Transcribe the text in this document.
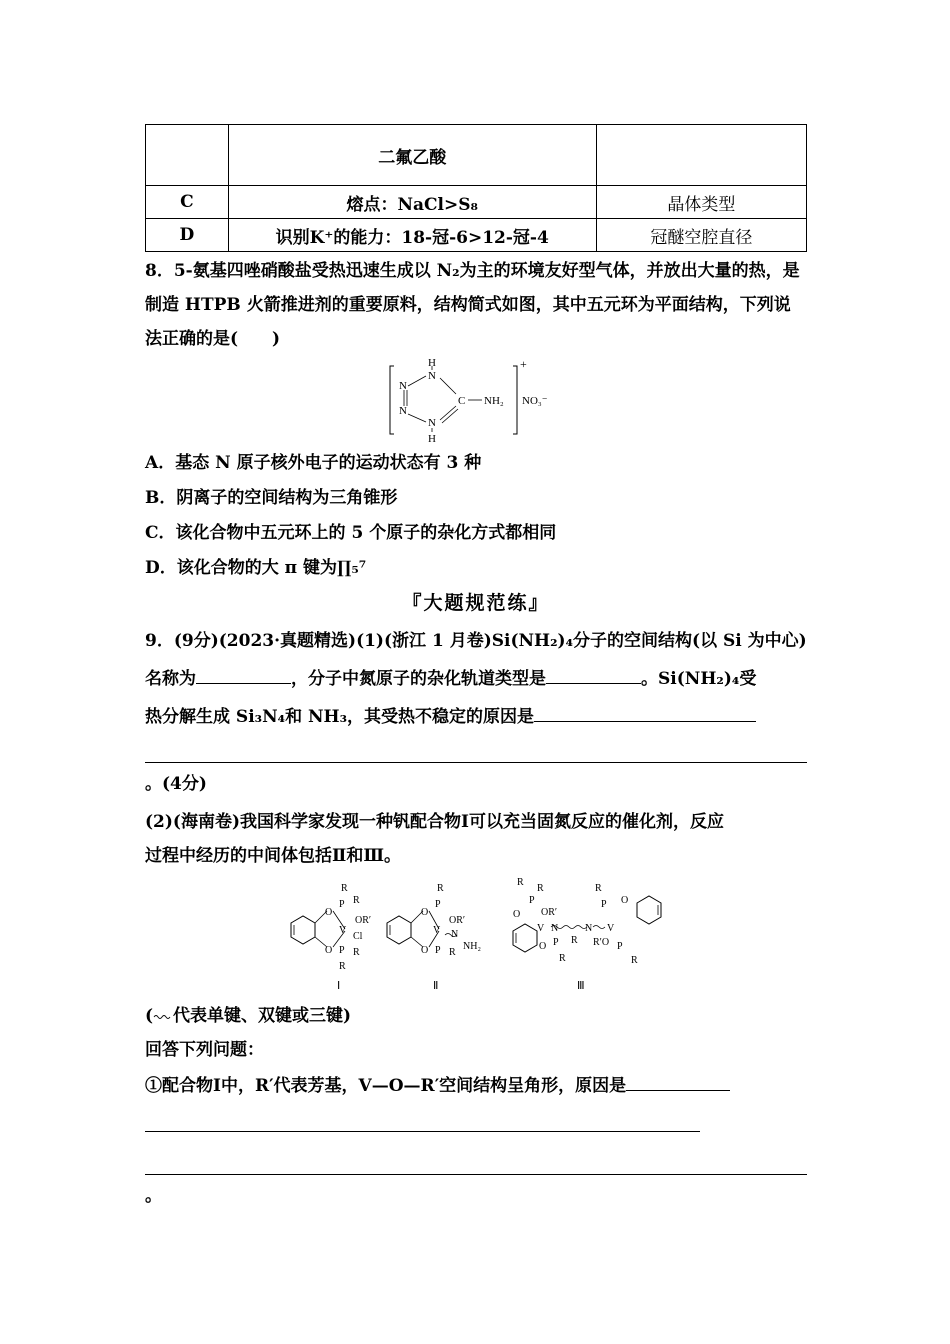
	二氟乙酸	
C	熔点：NaCl>S₈	晶体类型
D	识别K⁺的能力：18-冠-6>12-冠-4	冠醚空腔直径

8．5-氨基四唑硝酸盐受热迅速生成以 N₂为主的环境友好型气体，并放出大量的热，是制造 HTPB 火箭推进剂的重要原料，结构简式如图，其中五元环为平面结构，下列说法正确的是(　　)

H
N
N
N
N
H
C NH₂
+
NO₃⁻

A．基态 N 原子核外电子的运动状态有 3 种

B．阴离子的空间结构为三角锥形

C．该化合物中五元环上的 5 个原子的杂化方式都相同

D．该化合物的大 π 键为∏₅⁷

『大题规范练』

9．(9分)(2023·真题精选)(1)(浙江 1 月卷)Si(NH₂)₄分子的空间结构(以 Si 为中心)

名称为	，分子中氮原子的杂化轨道类型是	。Si(NH₂)₄受

热分解生成 Si₃N₄和 NH₃，其受热不稳定的原因是

。(4分)

(2)(海南卷)我国科学家发现一种钒配合物Ⅰ可以充当固氮反应的催化剂，反应

过程中经历的中间体包括Ⅱ和Ⅲ。

R
O
P R
OR′
V
Cl
O P R
R
Ⅰ
R
O
P
OR′
V N
NH₂
O P R
Ⅱ
R
R
O
P
OR′
V N	N V
R
P O
R′O P
R
O P R
R
Ⅲ

( 代表单键、双键或三键)

回答下列问题：

①配合物Ⅰ中，R′代表芳基，V—O—R′空间结构呈角形，原因是

。
